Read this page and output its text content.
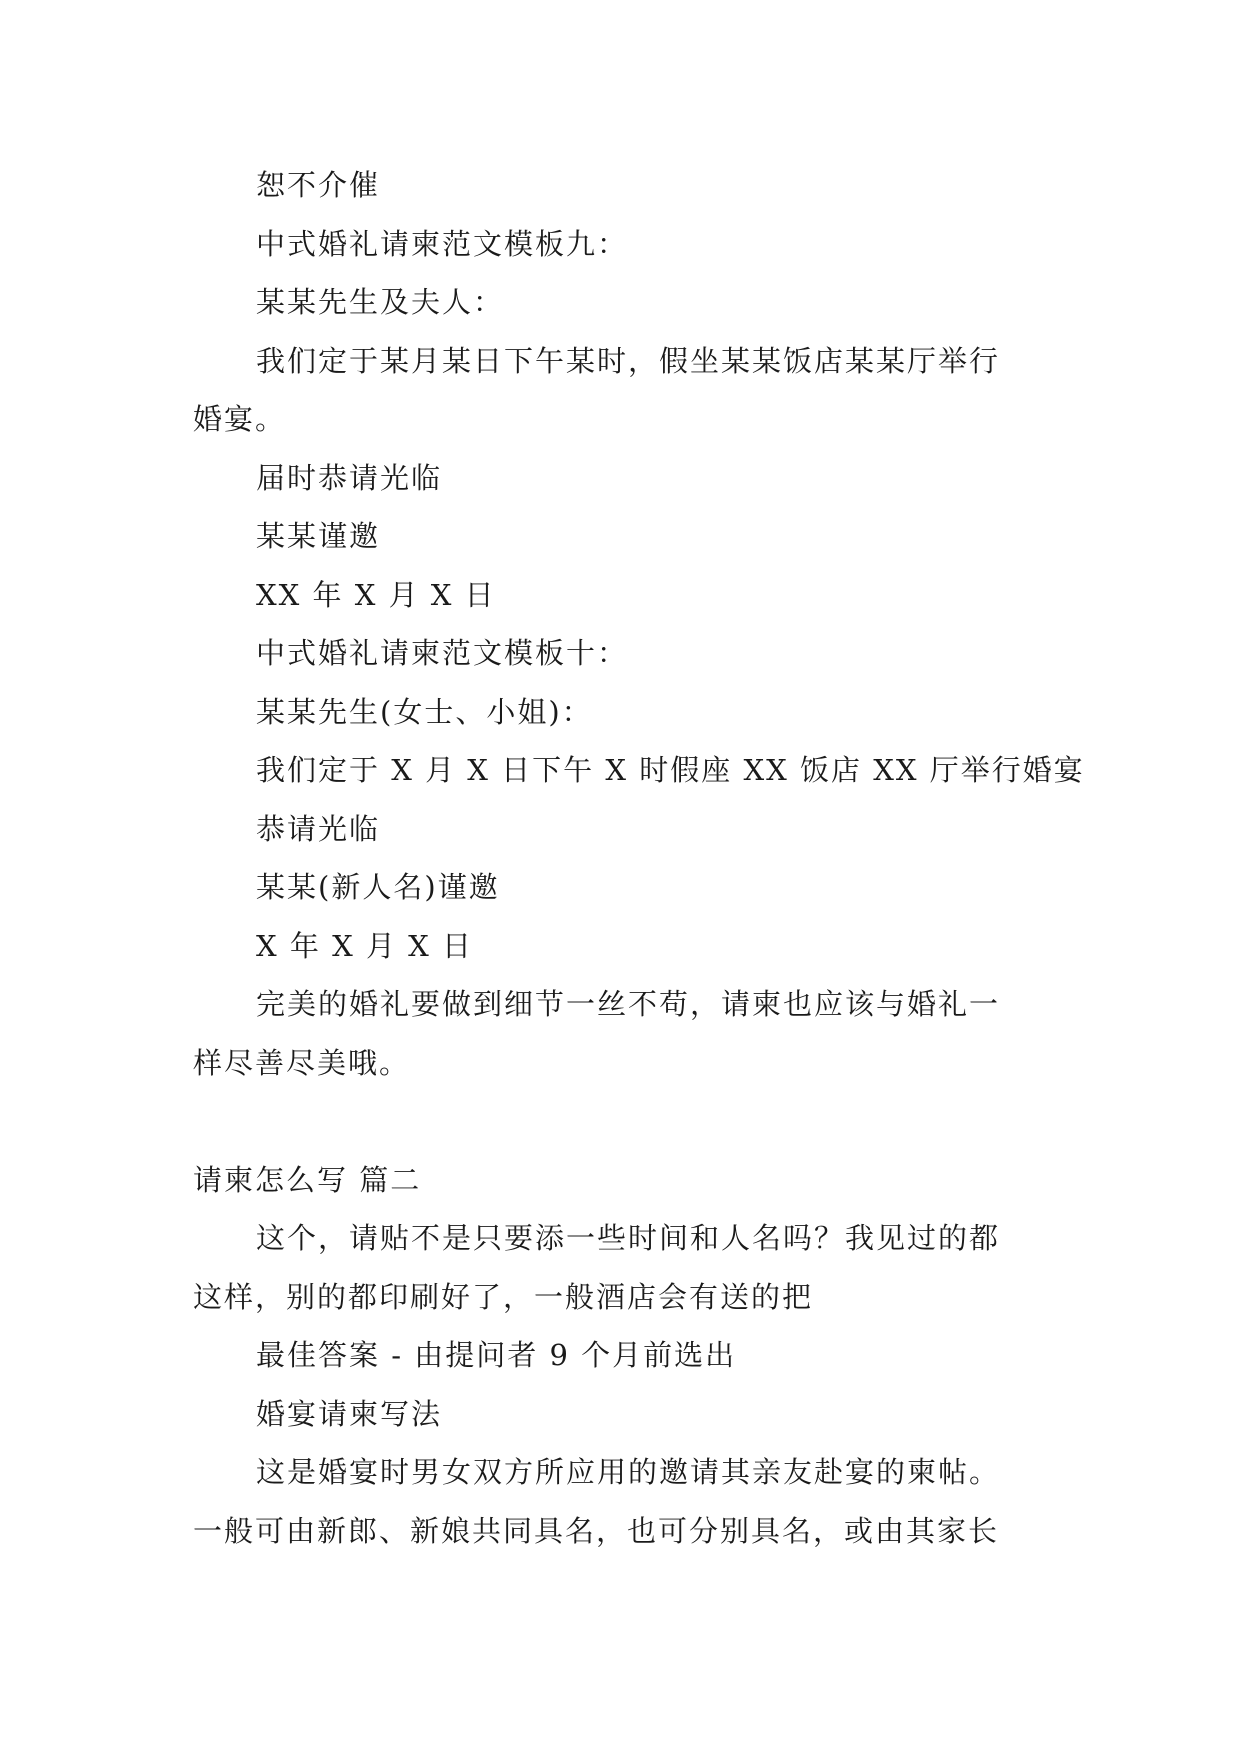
恕不介催
中式婚礼请柬范文模板九：
某某先生及夫人：
我们定于某月某日下午某时，假坐某某饭店某某厅举行
婚宴。
届时恭请光临
某某谨邀
XX 年 X 月 X 日
中式婚礼请柬范文模板十：
某某先生(女士、小姐)：
我们定于 X 月 X 日下午 X 时假座 XX 饭店 XX 厅举行婚宴
恭请光临
某某(新人名)谨邀
X 年 X 月 X 日
完美的婚礼要做到细节一丝不苟，请柬也应该与婚礼一
样尽善尽美哦。
请柬怎么写 篇二
这个，请贴不是只要添一些时间和人名吗？我见过的都
这样，别的都印刷好了，一般酒店会有送的把
最佳答案 - 由提问者 9 个月前选出
婚宴请柬写法
这是婚宴时男女双方所应用的邀请其亲友赴宴的柬帖。
一般可由新郎、新娘共同具名，也可分别具名，或由其家长
